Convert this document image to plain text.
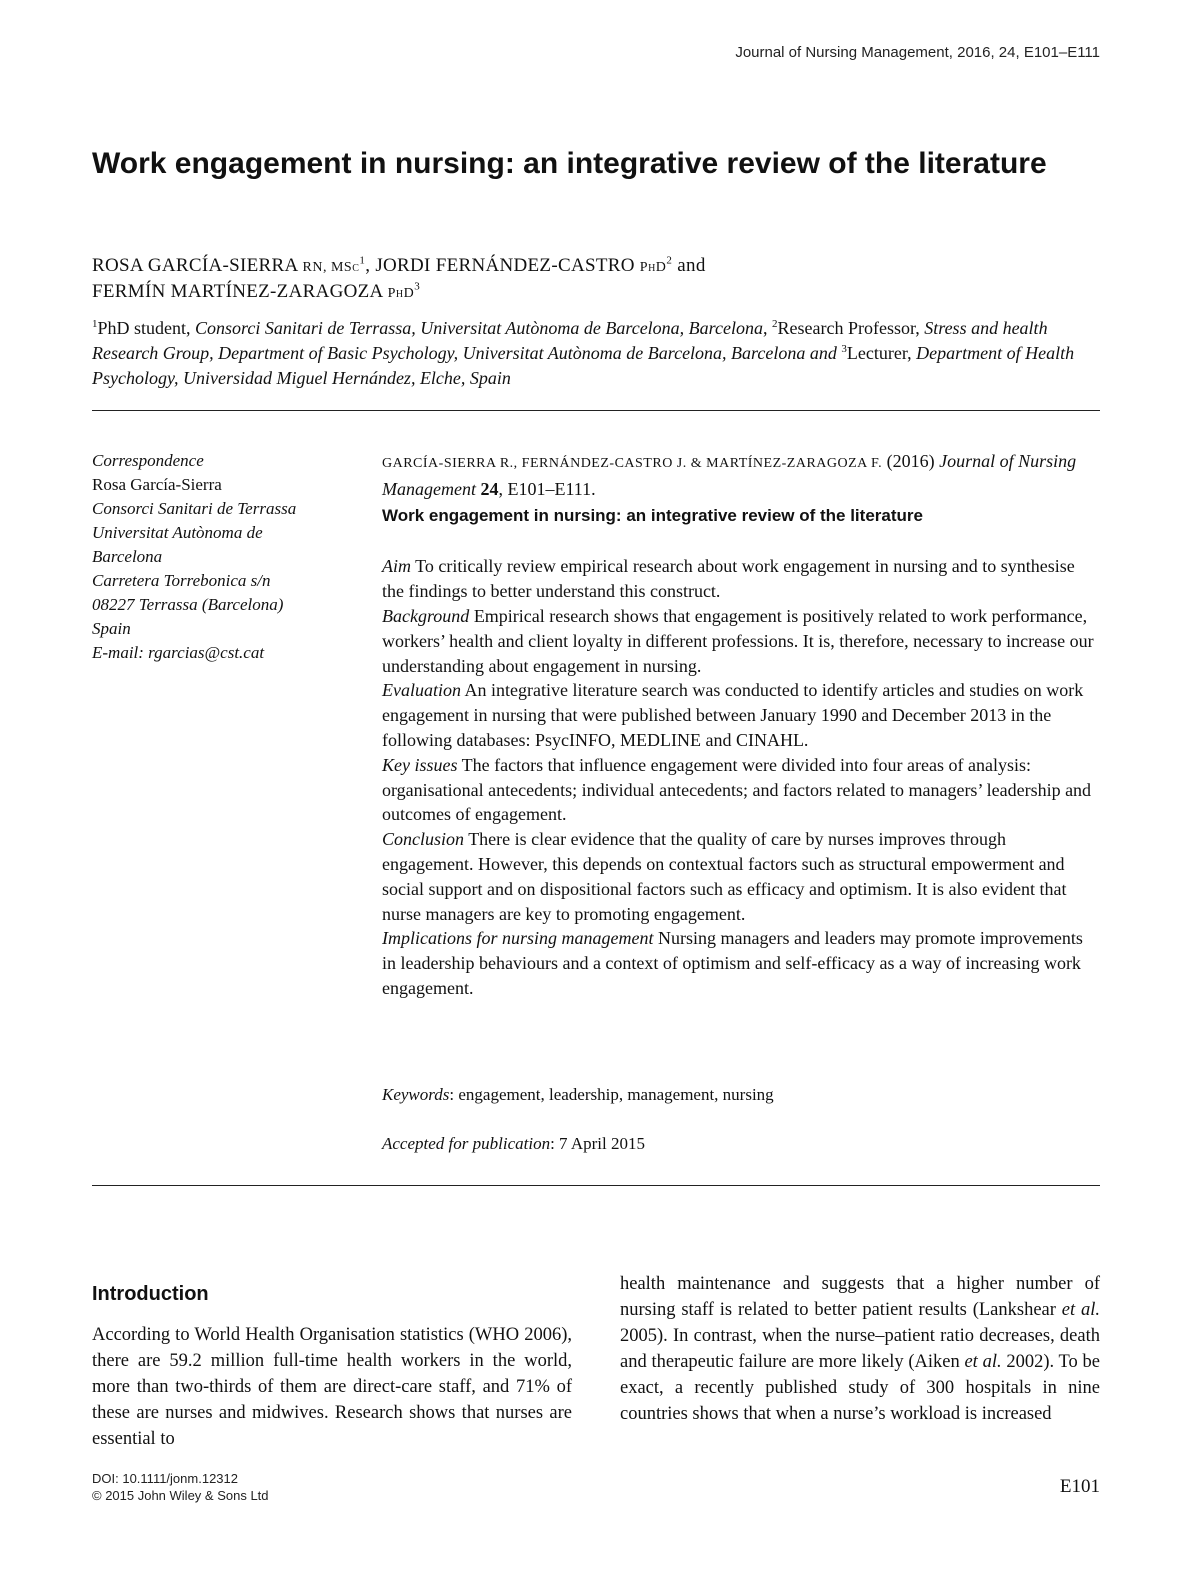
Journal of Nursing Management, 2016, 24, E101–E111
Work engagement in nursing: an integrative review of the literature
ROSA GARCÍA-SIERRA RN, MSc$^1$, JORDI FERNÁNDEZ-CASTRO PhD$^2$ and
FERMÍN MARTÍNEZ-ZARAGOZA PhD$^3$
$^1$PhD student, Consorci Sanitari de Terrassa, Universitat Autònoma de Barcelona, Barcelona, $^2$Research Professor, Stress and health Research Group, Department of Basic Psychology, Universitat Autònoma de Barcelona, Barcelona and $^3$Lecturer, Department of Health Psychology, Universidad Miguel Hernández, Elche, Spain
Correspondence
Rosa García-Sierra
Consorci Sanitari de Terrassa
Universitat Autònoma de
Barcelona
Carretera Torrebonica s/n
08227 Terrassa (Barcelona)
Spain
E-mail: rgarcias@cst.cat

GARCÍA-SIERRA R., FERNÁNDEZ-CASTRO J. & MARTÍNEZ-ZARAGOZA F. (2016) Journal of Nursing Management 24, E101–E111.

Work engagement in nursing: an integrative review of the literature

Aim To critically review empirical research about work engagement in nursing and to synthesise the findings to better understand this construct.

Background Empirical research shows that engagement is positively related to work performance, workers’ health and client loyalty in different professions. It is, therefore, necessary to increase our understanding about engagement in nursing.

Evaluation An integrative literature search was conducted to identify articles and studies on work engagement in nursing that were published between January 1990 and December 2013 in the following databases: PsycINFO, MEDLINE and CINAHL.

Key issues The factors that influence engagement were divided into four areas of analysis: organisational antecedents; individual antecedents; and factors related to managers’ leadership and outcomes of engagement.

Conclusion There is clear evidence that the quality of care by nurses improves through engagement. However, this depends on contextual factors such as structural empowerment and social support and on dispositional factors such as efficacy and optimism. It is also evident that nurse managers are key to promoting engagement.

Implications for nursing management Nursing managers and leaders may promote improvements in leadership behaviours and a context of optimism and self-efficacy as a way of increasing work engagement.

Keywords: engagement, leadership, management, nursing
Accepted for publication: 7 April 2015
Introduction
According to World Health Organisation statistics (WHO 2006), there are 59.2 million full-time health workers in the world, more than two-thirds of them are direct-care staff, and 71% of these are nurses and midwives. Research shows that nurses are essential to
health maintenance and suggests that a higher number of nursing staff is related to better patient results (Lankshear et al. 2005). In contrast, when the nurse–patient ratio decreases, death and therapeutic failure are more likely (Aiken et al. 2002). To be exact, a recently published study of 300 hospitals in nine countries shows that when a nurse’s workload is increased
DOI: 10.1111/jonm.12312
© 2015 John Wiley & Sons Ltd	E101
